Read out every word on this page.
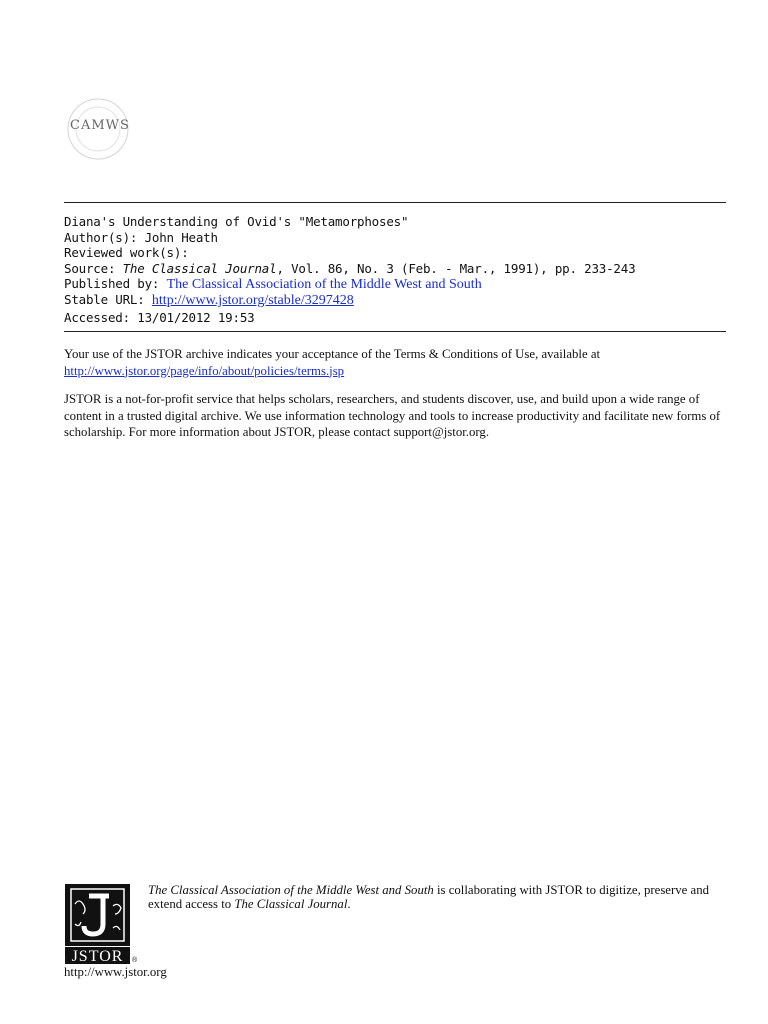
CAMWS
Diana's Understanding of Ovid's "Metamorphoses"
Author(s): John Heath
Reviewed work(s):
Source: The Classical Journal, Vol. 86, No. 3 (Feb. - Mar., 1991), pp. 233-243
Published by: The Classical Association of the Middle West and South
Stable URL: http://www.jstor.org/stable/3297428
Accessed: 13/01/2012 19:53
Your use of the JSTOR archive indicates your acceptance of the Terms & Conditions of Use, available at
http://www.jstor.org/page/info/about/policies/terms.jsp
JSTOR is a not-for-profit service that helps scholars, researchers, and students discover, use, and build upon a wide range of content in a trusted digital archive. We use information technology and tools to increase productivity and facilitate new forms of scholarship. For more information about JSTOR, please contact support@jstor.org.
JSTOR ®
The Classical Association of the Middle West and South is collaborating with JSTOR to digitize, preserve and extend access to The Classical Journal.
http://www.jstor.org
